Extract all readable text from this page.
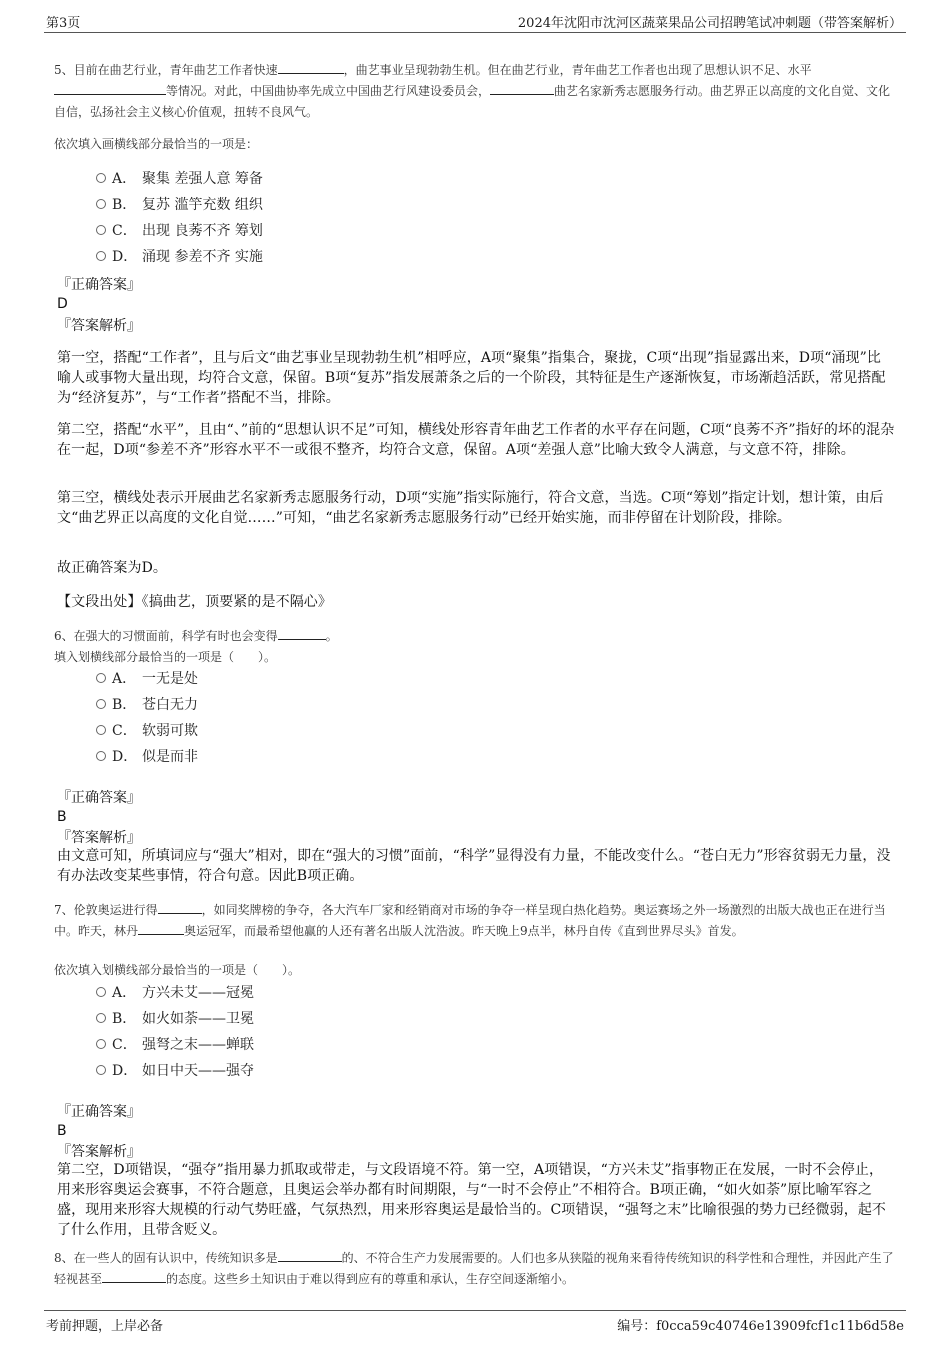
第3页	2024年沈阳市沈河区蔬菜果品公司招聘笔试冲刺题（带答案解析）
5、目前在曲艺行业，青年曲艺工作者快速	，曲艺事业呈现勃勃生机。但在曲艺行业，青年曲艺工作者也出现了思想认识不足、水平等情况。对此，中国曲协率先成立中国曲艺行风建设委员会，	曲艺名家新秀志愿服务行动。曲艺界正以高度的文化自觉、文化自信，弘扬社会主义核心价值观，扭转不良风气。
依次填入画横线部分最恰当的一项是：
A． 聚集 差强人意 筹备
B． 复苏 滥竽充数 组织
C． 出现 良莠不齐 筹划
D． 涌现 参差不齐 实施
『正确答案』
D
『答案解析』
第一空，搭配“工作者”，且与后文“曲艺事业呈现勃勃生机”相呼应，A项“聚集”指集合，聚拢，C项“出现”指显露出来，D项“涌现”比喻人或事物大量出现，均符合文意，保留。B项“复苏”指发展萧条之后的一个阶段，其特征是生产逐渐恢复，市场渐趋活跃，常见搭配为“经济复苏”，与“工作者”搭配不当，排除。
第二空，搭配“水平”，且由“、”前的“思想认识不足”可知，横线处形容青年曲艺工作者的水平存在问题，C项“良莠不齐”指好的坏的混杂在一起，D项“参差不齐”形容水平不一或很不整齐，均符合文意，保留。A项“差强人意”比喻大致令人满意，与文意不符，排除。
第三空，横线处表示开展曲艺名家新秀志愿服务行动，D项“实施”指实际施行，符合文意，当选。C项“筹划”指定计划，想计策，由后文“曲艺界正以高度的文化自觉……”可知，“曲艺名家新秀志愿服务行动”已经开始实施，而非停留在计划阶段，排除。
故正确答案为D。
【文段出处】《搞曲艺，顶要紧的是不隔心》
6、在强大的习惯面前，科学有时也会变得	。
填入划横线部分最恰当的一项是（　　）。
A． 一无是处
B． 苍白无力
C． 软弱可欺
D． 似是而非
『正确答案』
B
『答案解析』
由文意可知，所填词应与“强大”相对，即在“强大的习惯”面前，“科学”显得没有力量，不能改变什么。“苍白无力”形容贫弱无力量，没有办法改变某些事情，符合句意。因此B项正确。
7、伦敦奥运进行得	，如同奖牌榜的争夺，各大汽车厂家和经销商对市场的争夺一样呈现白热化趋势。奥运赛场之外一场激烈的出版大战也正在进行当中。昨天，林丹	奥运冠军，而最希望他赢的人还有著名出版人沈浩波。昨天晚上9点半，林丹自传《直到世界尽头》首发。
依次填入划横线部分最恰当的一项是（　　）。
A． 方兴未艾——冠冕
B． 如火如荼——卫冕
C． 强弩之末——蝉联
D． 如日中天——强夺
『正确答案』
B
『答案解析』
第二空，D项错误，“强夺”指用暴力抓取或带走，与文段语境不符。第一空，A项错误，“方兴未艾”指事物正在发展，一时不会停止，用来形容奥运会赛事，不符合题意，且奥运会举办都有时间期限，与“一时不会停止”不相符合。B项正确，“如火如荼”原比喻军容之盛，现用来形容大规模的行动气势旺盛，气氛热烈，用来形容奥运是最恰当的。C项错误，“强弩之末”比喻很强的势力已经微弱，起不了什么作用，且带含贬义。
8、在一些人的固有认识中，传统知识多是	的、不符合生产力发展需要的。人们也多从狭隘的视角来看待传统知识的科学性和合理性，并因此产生了轻视甚至	的态度。这些乡土知识由于难以得到应有的尊重和承认，生存空间逐渐缩小。
考前押题，上岸必备	编号：f0cca59c40746e13909fcf1c11b6d58e
